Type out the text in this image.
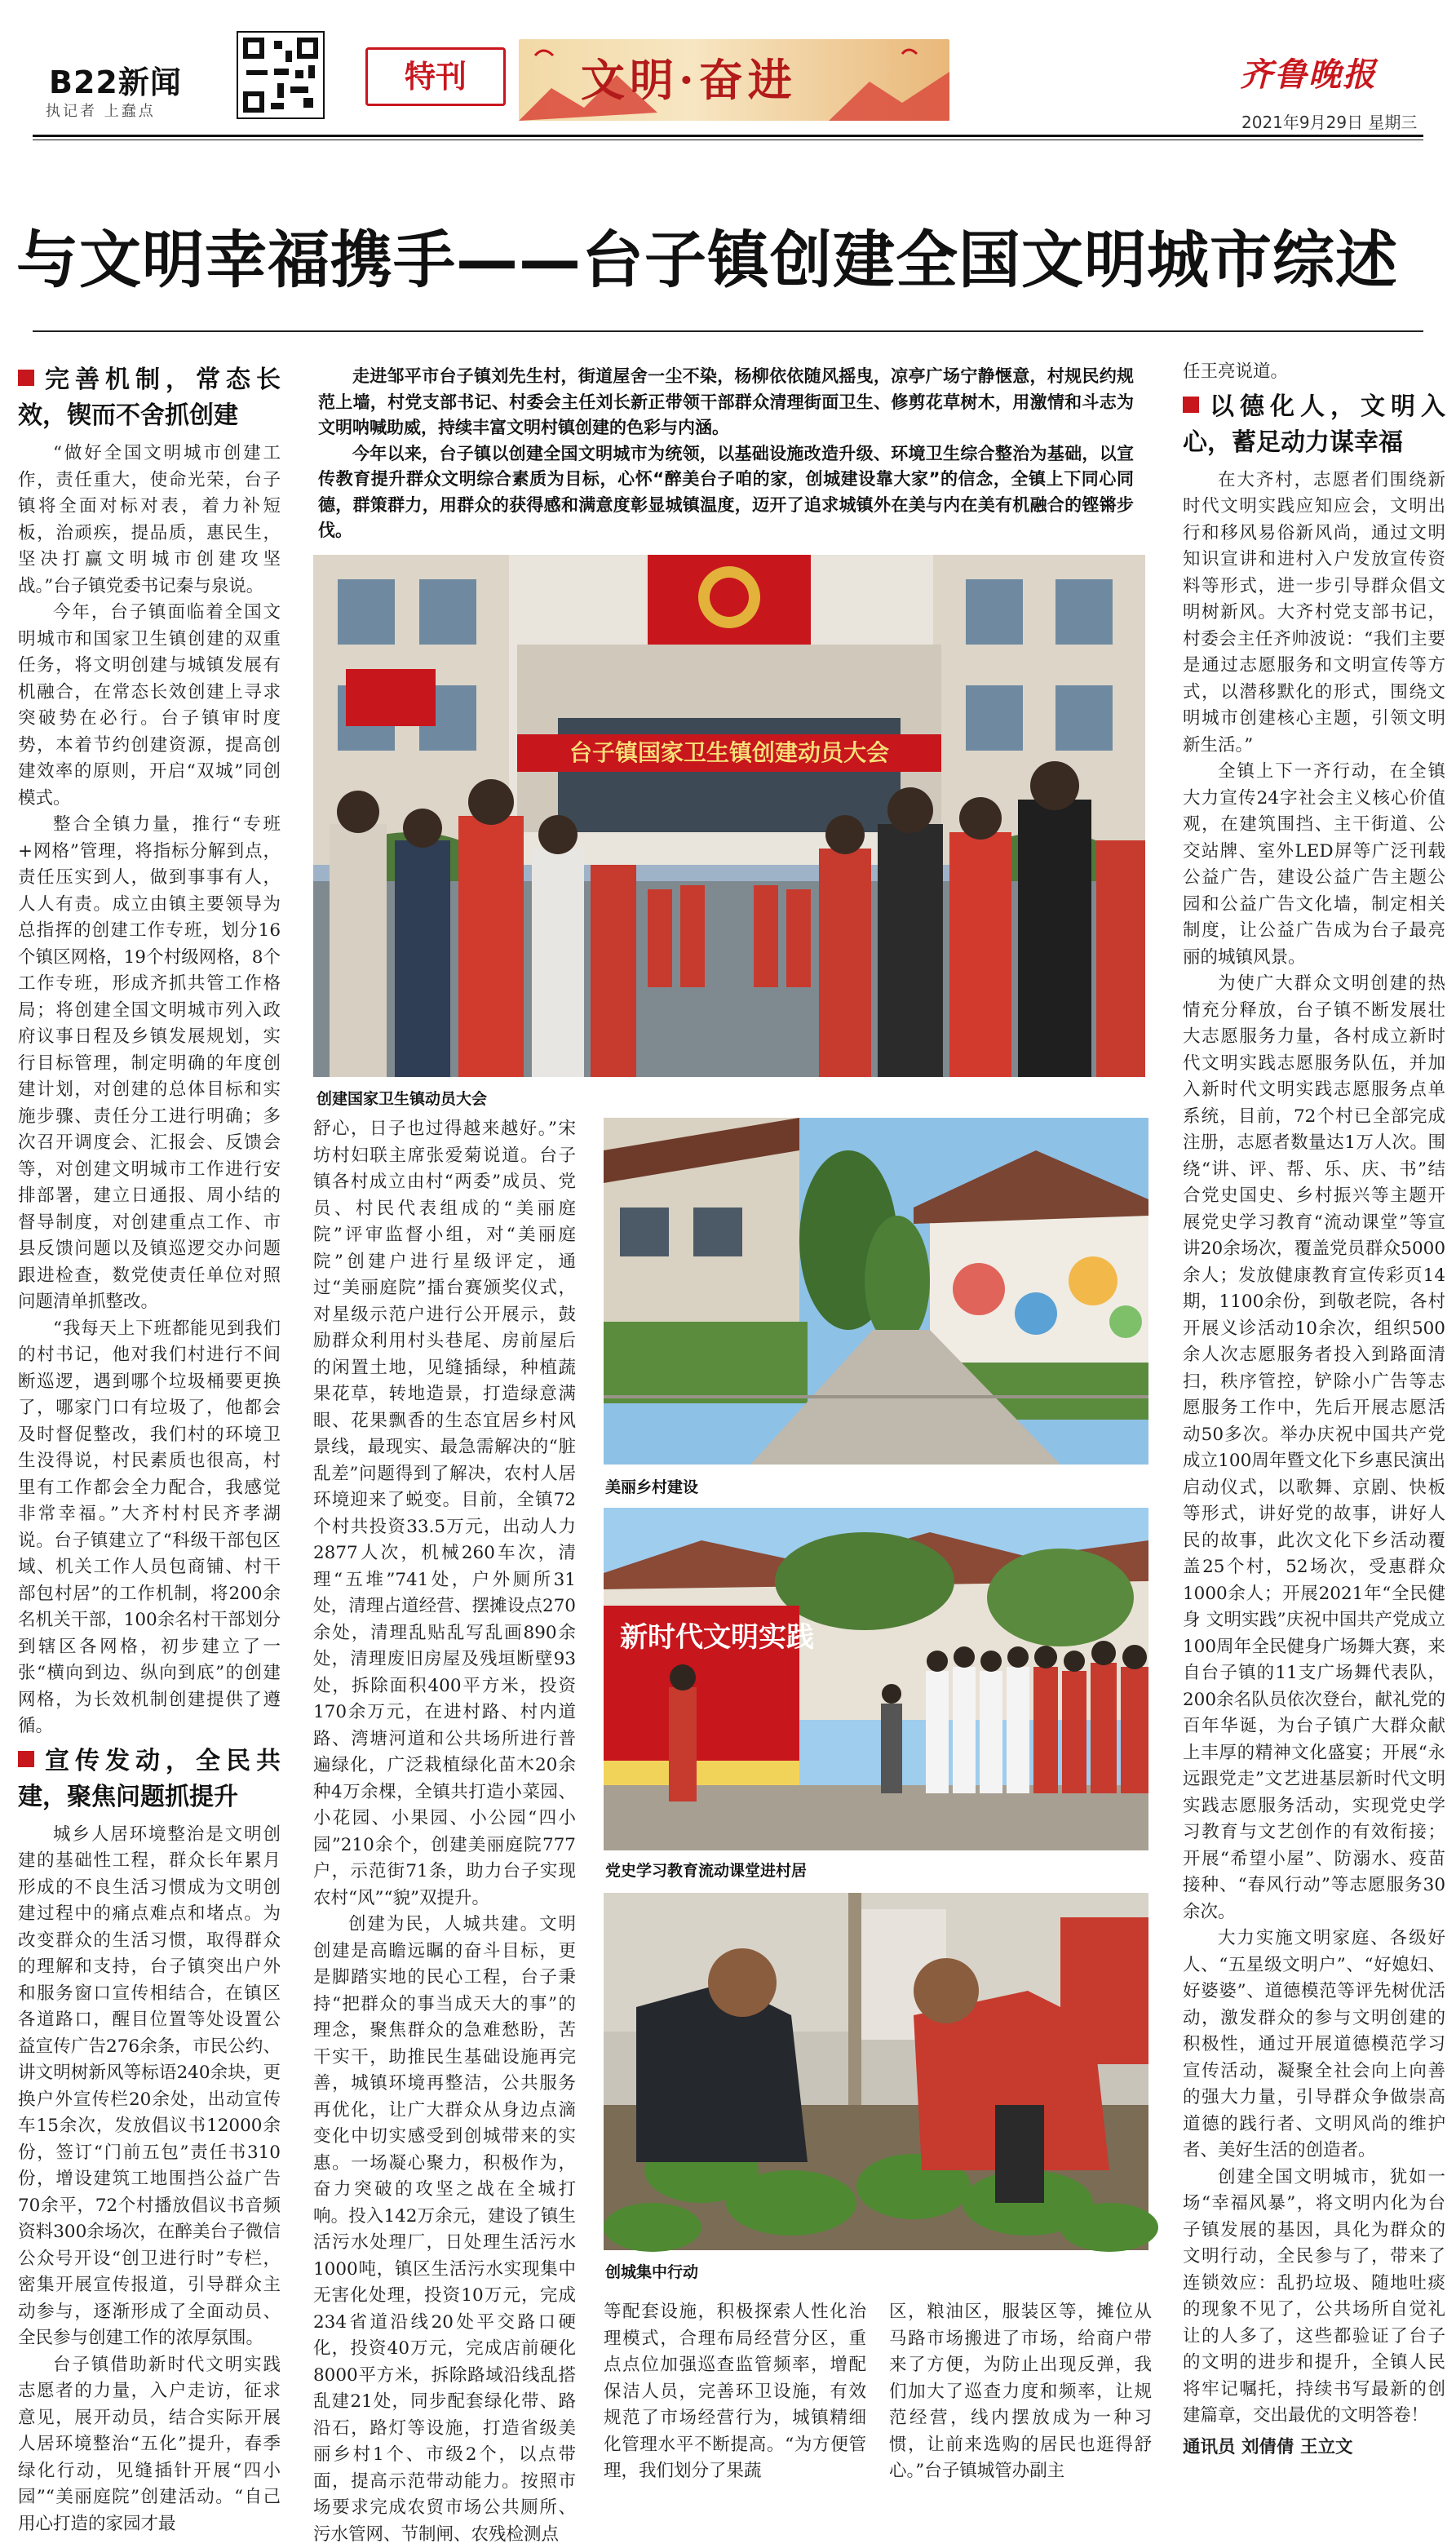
B22新闻
执记者 上蠢点
特刊	文明·奋进	齐鲁晚报
2021年9月29日 星期三
与文明幸福携手——台子镇创建全国文明城市综述
完善机制，常态长效，锲而不舍抓创建

“做好全国文明城市创建工作，责任重大，使命光荣，台子镇将全面对标对表，着力补短板，治顽疾，提品质，惠民生，坚决打赢文明城市创建攻坚战。”台子镇党委书记秦与泉说。

今年，台子镇面临着全国文明城市和国家卫生镇创建的双重任务，将文明创建与城镇发展有机融合，在常态长效创建上寻求突破势在必行。台子镇审时度势，本着节约创建资源，提高创建效率的原则，开启“双城”同创模式。

整合全镇力量，推行“专班+网格”管理，将指标分解到点，责任压实到人，做到事事有人，人人有责。成立由镇主要领导为总指挥的创建工作专班，划分16个镇区网格，19个村级网格，8个工作专班，形成齐抓共管工作格局；将创建全国文明城市列入政府议事日程及乡镇发展规划，实行目标管理，制定明确的年度创建计划，对创建的总体目标和实施步骤、责任分工进行明确；多次召开调度会、汇报会、反馈会等，对创建文明城市工作进行安排部署，建立日通报、周小结的督导制度，对创建重点工作、市县反馈问题以及镇巡逻交办问题跟进检查，数党使责任单位对照问题清单抓整改。

“我每天上下班都能见到我们的村书记，他对我们村进行不间断巡逻，遇到哪个垃圾桶要更换了，哪家门口有垃圾了，他都会及时督促整改，我们村的环境卫生没得说，村民素质也很高，村里有工作都会全力配合，我感觉非常幸福。”大齐村村民齐孝湖说。台子镇建立了“科级干部包区域、机关工作人员包商铺、村干部包村居”的工作机制，将200余名机关干部，100余名村干部划分到辖区各网格，初步建立了一张“横向到边、纵向到底”的创建网格，为长效机制创建提供了遵循。

宣传发动，全民共建，聚焦问题抓提升

城乡人居环境整治是文明创建的基础性工程，群众长年累月形成的不良生活习惯成为文明创建过程中的痛点难点和堵点。为改变群众的生活习惯，取得群众的理解和支持，台子镇突出户外和服务窗口宣传相结合，在镇区各道路口，醒目位置等处设置公益宣传广告276余条，市民公约、讲文明树新风等标语240余块，更换户外宣传栏20余处，出动宣传车15余次，发放倡议书12000余份，签订“门前五包”责任书310份，增设建筑工地围挡公益广告70余平，72个村播放倡议书音频资料300余场次，在醉美台子微信公众号开设“创卫进行时”专栏，密集开展宣传报道，引导群众主动参与，逐渐形成了全面动员、全民参与创建工作的浓厚氛围。

台子镇借助新时代文明实践志愿者的力量，入户走访，征求意见，展开动员，结合实际开展人居环境整治“五化”提升，春季绿化行动，见缝插针开展“四小园”“美丽庭院”创建活动。“自己用心打造的家园才最

走进邹平市台子镇刘先生村，街道屋舍一尘不染，杨柳依依随风摇曳，凉亭广场宁静惬意，村规民约规范上墙，村党支部书记、村委会主任刘长新正带领干部群众清理街面卫生、修剪花草树木，用激情和斗志为文明呐喊助威，持续丰富文明村镇创建的色彩与内涵。

今年以来，台子镇以创建全国文明城市为统领，以基础设施改造升级、环境卫生综合整治为基础，以宣传教育提升群众文明综合素质为目标，心怀“醉美台子咱的家，创城建设靠大家”的信念，全镇上下同心同德，群策群力，用群众的获得感和满意度彰显城镇温度，迈开了追求城镇外在美与内在美有机融合的铿锵步伐。

台子镇国家卫生镇创建动员大会
创建国家卫生镇动员大会

舒心，日子也过得越来越好。”宋坊村妇联主席张爱菊说道。台子镇各村成立由村“两委”成员、党员、村民代表组成的“美丽庭院”评审监督小组，对“美丽庭院”创建户进行星级评定，通过“美丽庭院”擂台赛颁奖仪式，对星级示范户进行公开展示，鼓励群众利用村头巷尾、房前屋后的闲置土地，见缝插绿，种植蔬果花草，转地造景，打造绿意满眼、花果飘香的生态宜居乡村风景线，最现实、最急需解决的“脏乱差”问题得到了解决，农村人居环境迎来了蜕变。目前，全镇72个村共投资33.5万元，出动人力2877人次，机械260车次，清理“五堆”741处，户外厕所31处，清理占道经营、摆摊设点270余处，清理乱贴乱写乱画890余处，清理废旧房屋及残垣断壁93处，拆除面积400平方米，投资170余万元，在进村路、村内道路、湾塘河道和公共场所进行普遍绿化，广泛栽植绿化苗木20余种4万余棵，全镇共打造小菜园、小花园、小果园、小公园“四小园”210余个，创建美丽庭院777户，示范街71条，助力台子实现农村“风”“貌”双提升。

创建为民，人城共建。文明创建是高瞻远瞩的奋斗目标，更是脚踏实地的民心工程，台子秉持“把群众的事当成天大的事”的理念，聚焦群众的急难愁盼，苦干实干，助推民生基础设施再完善，城镇环境再整洁，公共服务再优化，让广大群众从身边点滴变化中切实感受到创城带来的实惠。一场凝心聚力，积极作为，奋力突破的攻坚之战在全城打响。投入142万余元，建设了镇生活污水处理厂，日处理生活污水1000吨，镇区生活污水实现集中无害化处理，投资10万元，完成234省道沿线20处平交路口硬化，投资40万元，完成店前硬化8000平方米，拆除路域沿线乱搭乱建21处，同步配套绿化带、路沿石，路灯等设施，打造省级美丽乡村1个、市级2个，以点带面，提高示范带动能力。按照市场要求完成农贸市场公共厕所、污水管网、节制闸、农残检测点

美丽乡村建设
新时代文明实践
党史学习教育流动课堂进村居
创城集中行动

等配套设施，积极探索人性化治理模式，合理布局经营分区，重点点位加强巡查监管频率，增配保洁人员，完善环卫设施，有效规范了市场经营行为，城镇精细化管理水平不断提高。“为方便管理，我们划分了果蔬

区，粮油区，服装区等，摊位从马路市场搬进了市场，给商户带来了方便，为防止出现反弹，我们加大了巡查力度和频率，让规范经营，线内摆放成为一种习惯，让前来选购的居民也逛得舒心。”台子镇城管办副主

任王亮说道。

以德化人，文明入心，蓄足动力谋幸福

在大齐村，志愿者们围绕新时代文明实践应知应会，文明出行和移风易俗新风尚，通过文明知识宣讲和进村入户发放宣传资料等形式，进一步引导群众倡文明树新风。大齐村党支部书记，村委会主任齐帅波说：“我们主要是通过志愿服务和文明宣传等方式，以潜移默化的形式，围绕文明城市创建核心主题，引领文明新生活。”

全镇上下一齐行动，在全镇大力宣传24字社会主义核心价值观，在建筑围挡、主干街道、公交站牌、室外LED屏等广泛刊载公益广告，建设公益广告主题公园和公益广告文化墙，制定相关制度，让公益广告成为台子最亮丽的城镇风景。

为使广大群众文明创建的热情充分释放，台子镇不断发展壮大志愿服务力量，各村成立新时代文明实践志愿服务队伍，并加入新时代文明实践志愿服务点单系统，目前，72个村已全部完成注册，志愿者数量达1万人次。围绕“讲、评、帮、乐、庆、书”结合党史国史、乡村振兴等主题开展党史学习教育“流动课堂”等宣讲20余场次，覆盖党员群众5000余人；发放健康教育宣传彩页14期，1100余份，到敬老院，各村开展义诊活动10余次，组织500余人次志愿服务者投入到路面清扫，秩序管控，铲除小广告等志愿服务工作中，先后开展志愿活动50多次。举办庆祝中国共产党成立100周年暨文化下乡惠民演出启动仪式，以歌舞、京剧、快板等形式，讲好党的故事，讲好人民的故事，此次文化下乡活动覆盖25个村，52场次，受惠群众1000余人；开展2021年“全民健身 文明实践”庆祝中国共产党成立100周年全民健身广场舞大赛，来自台子镇的11支广场舞代表队，200余名队员依次登台，献礼党的百年华诞，为台子镇广大群众献上丰厚的精神文化盛宴；开展“永远跟党走”文艺进基层新时代文明实践志愿服务活动，实现党史学习教育与文艺创作的有效衔接；开展“希望小屋”、防溺水、疫苗接种、“春风行动”等志愿服务30余次。

大力实施文明家庭、各级好人、“五星级文明户”、“好媳妇、好婆婆”、道德模范等评先树优活动，激发群众的参与文明创建的积极性，通过开展道德模范学习宣传活动，凝聚全社会向上向善的强大力量，引导群众争做崇高道德的践行者、文明风尚的维护者、美好生活的创造者。

创建全国文明城市，犹如一场“幸福风暴”，将文明内化为台子镇发展的基因，具化为群众的文明行动，全民参与了，带来了连锁效应：乱扔垃圾、随地吐痰的现象不见了，公共场所自觉礼让的人多了，这些都验证了台子的文明的进步和提升，全镇人民将牢记嘱托，持续书写最新的创建篇章，交出最优的文明答卷！

通讯员 刘倩倩 王立文
